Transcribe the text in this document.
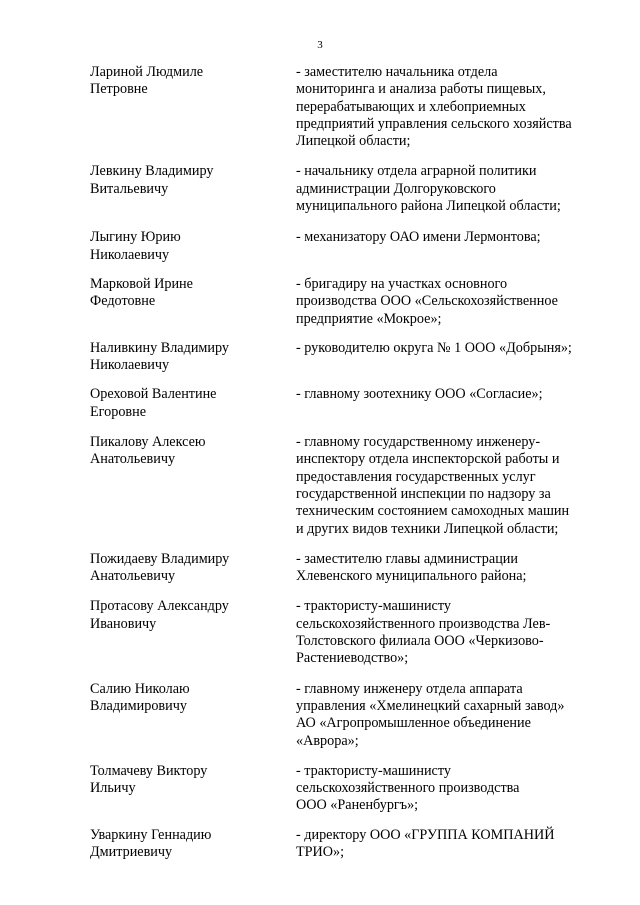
3
Лариной Людмиле
Петровне
- заместителю начальника отдела
мониторинга и анализа работы пищевых,
перерабатывающих и хлебоприемных
предприятий управления сельского хозяйства
Липецкой области;
Левкину Владимиру
Витальевичу
- начальнику отдела аграрной политики
администрации Долгоруковского
муниципального района Липецкой области;
Лыгину Юрию
Николаевичу
- механизатору ОАО имени Лермонтова;
Марковой Ирине
Федотовне
- бригадиру на участках основного
производства ООО «Сельскохозяйственное
предприятие «Мокрое»;
Наливкину Владимиру
Николаевичу
- руководителю округа № 1 ООО «Добрыня»;
Ореховой Валентине
Егоровне
- главному зоотехнику ООО «Согласие»;
Пикалову Алексею
Анатольевичу
- главному государственному инженеру-
инспектору отдела инспекторской работы и
предоставления государственных услуг
государственной инспекции по надзору за
техническим состоянием самоходных машин
и других видов техники Липецкой области;
Пожидаеву Владимиру
Анатольевичу
- заместителю главы администрации
Хлевенского муниципального района;
Протасову Александру
Ивановичу
- трактористу-машинисту
сельскохозяйственного производства Лев-
Толстовского филиала ООО «Черкизово-
Растениеводство»;
Салию Николаю
Владимировичу
- главному инженеру отдела аппарата
управления «Хмелинецкий сахарный завод»
АО «Агропромышленное объединение
«Аврора»;
Толмачеву Виктору
Ильичу
- трактористу-машинисту
сельскохозяйственного производства
ООО «Раненбургъ»;
Уваркину Геннадию
Дмитриевичу
- директору ООО «ГРУППА КОМПАНИЙ
ТРИО»;
